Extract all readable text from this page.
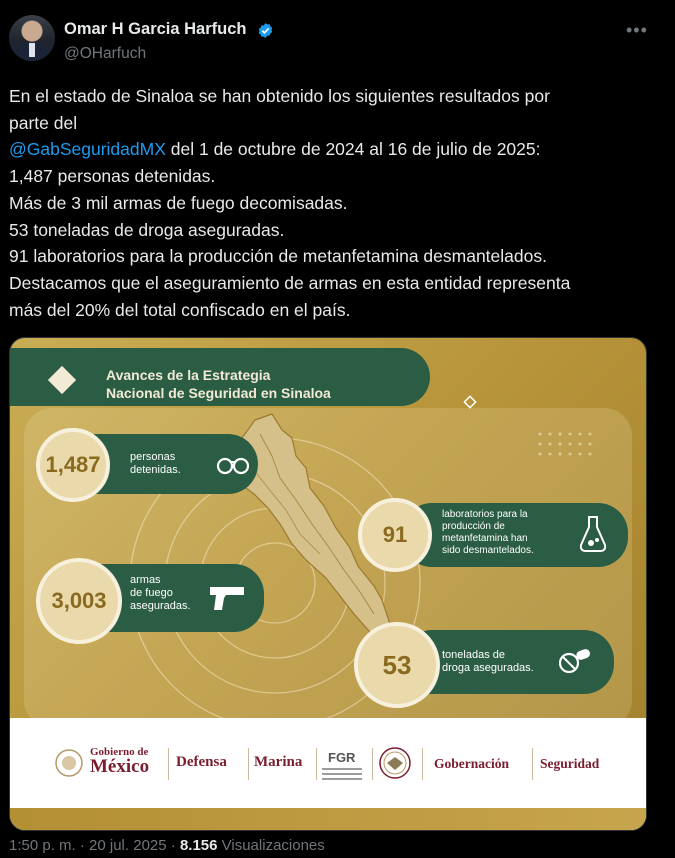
Omar H Garcia Harfuch
@OHarfuch
•••
En el estado de Sinaloa se han obtenido los siguientes resultados por
parte del
@GabSeguridadMX del 1 de octubre de 2024 al 16 de julio de 2025:
1,487 personas detenidas.
Más de 3 mil armas de fuego decomisadas.
53 toneladas de droga aseguradas.
91 laboratorios para la producción de metanfetamina desmantelados.
Destacamos que el aseguramiento de armas en esta entidad representa
más del 20% del total confiscado en el país.
Avances de la Estrategia
Nacional de Seguridad en Sinaloa
personas
detenidas.
1,487
laboratorios para la
producción de
metanfetamina han
sido desmantelados.
91
armas
de fuego
aseguradas.
3,003
toneladas de
droga aseguradas.
53
Gobierno de
México Defensa Marina FGR	Gobernación Seguridad
1:50 p. m. · 20 jul. 2025 · 8.156 Visualizaciones
